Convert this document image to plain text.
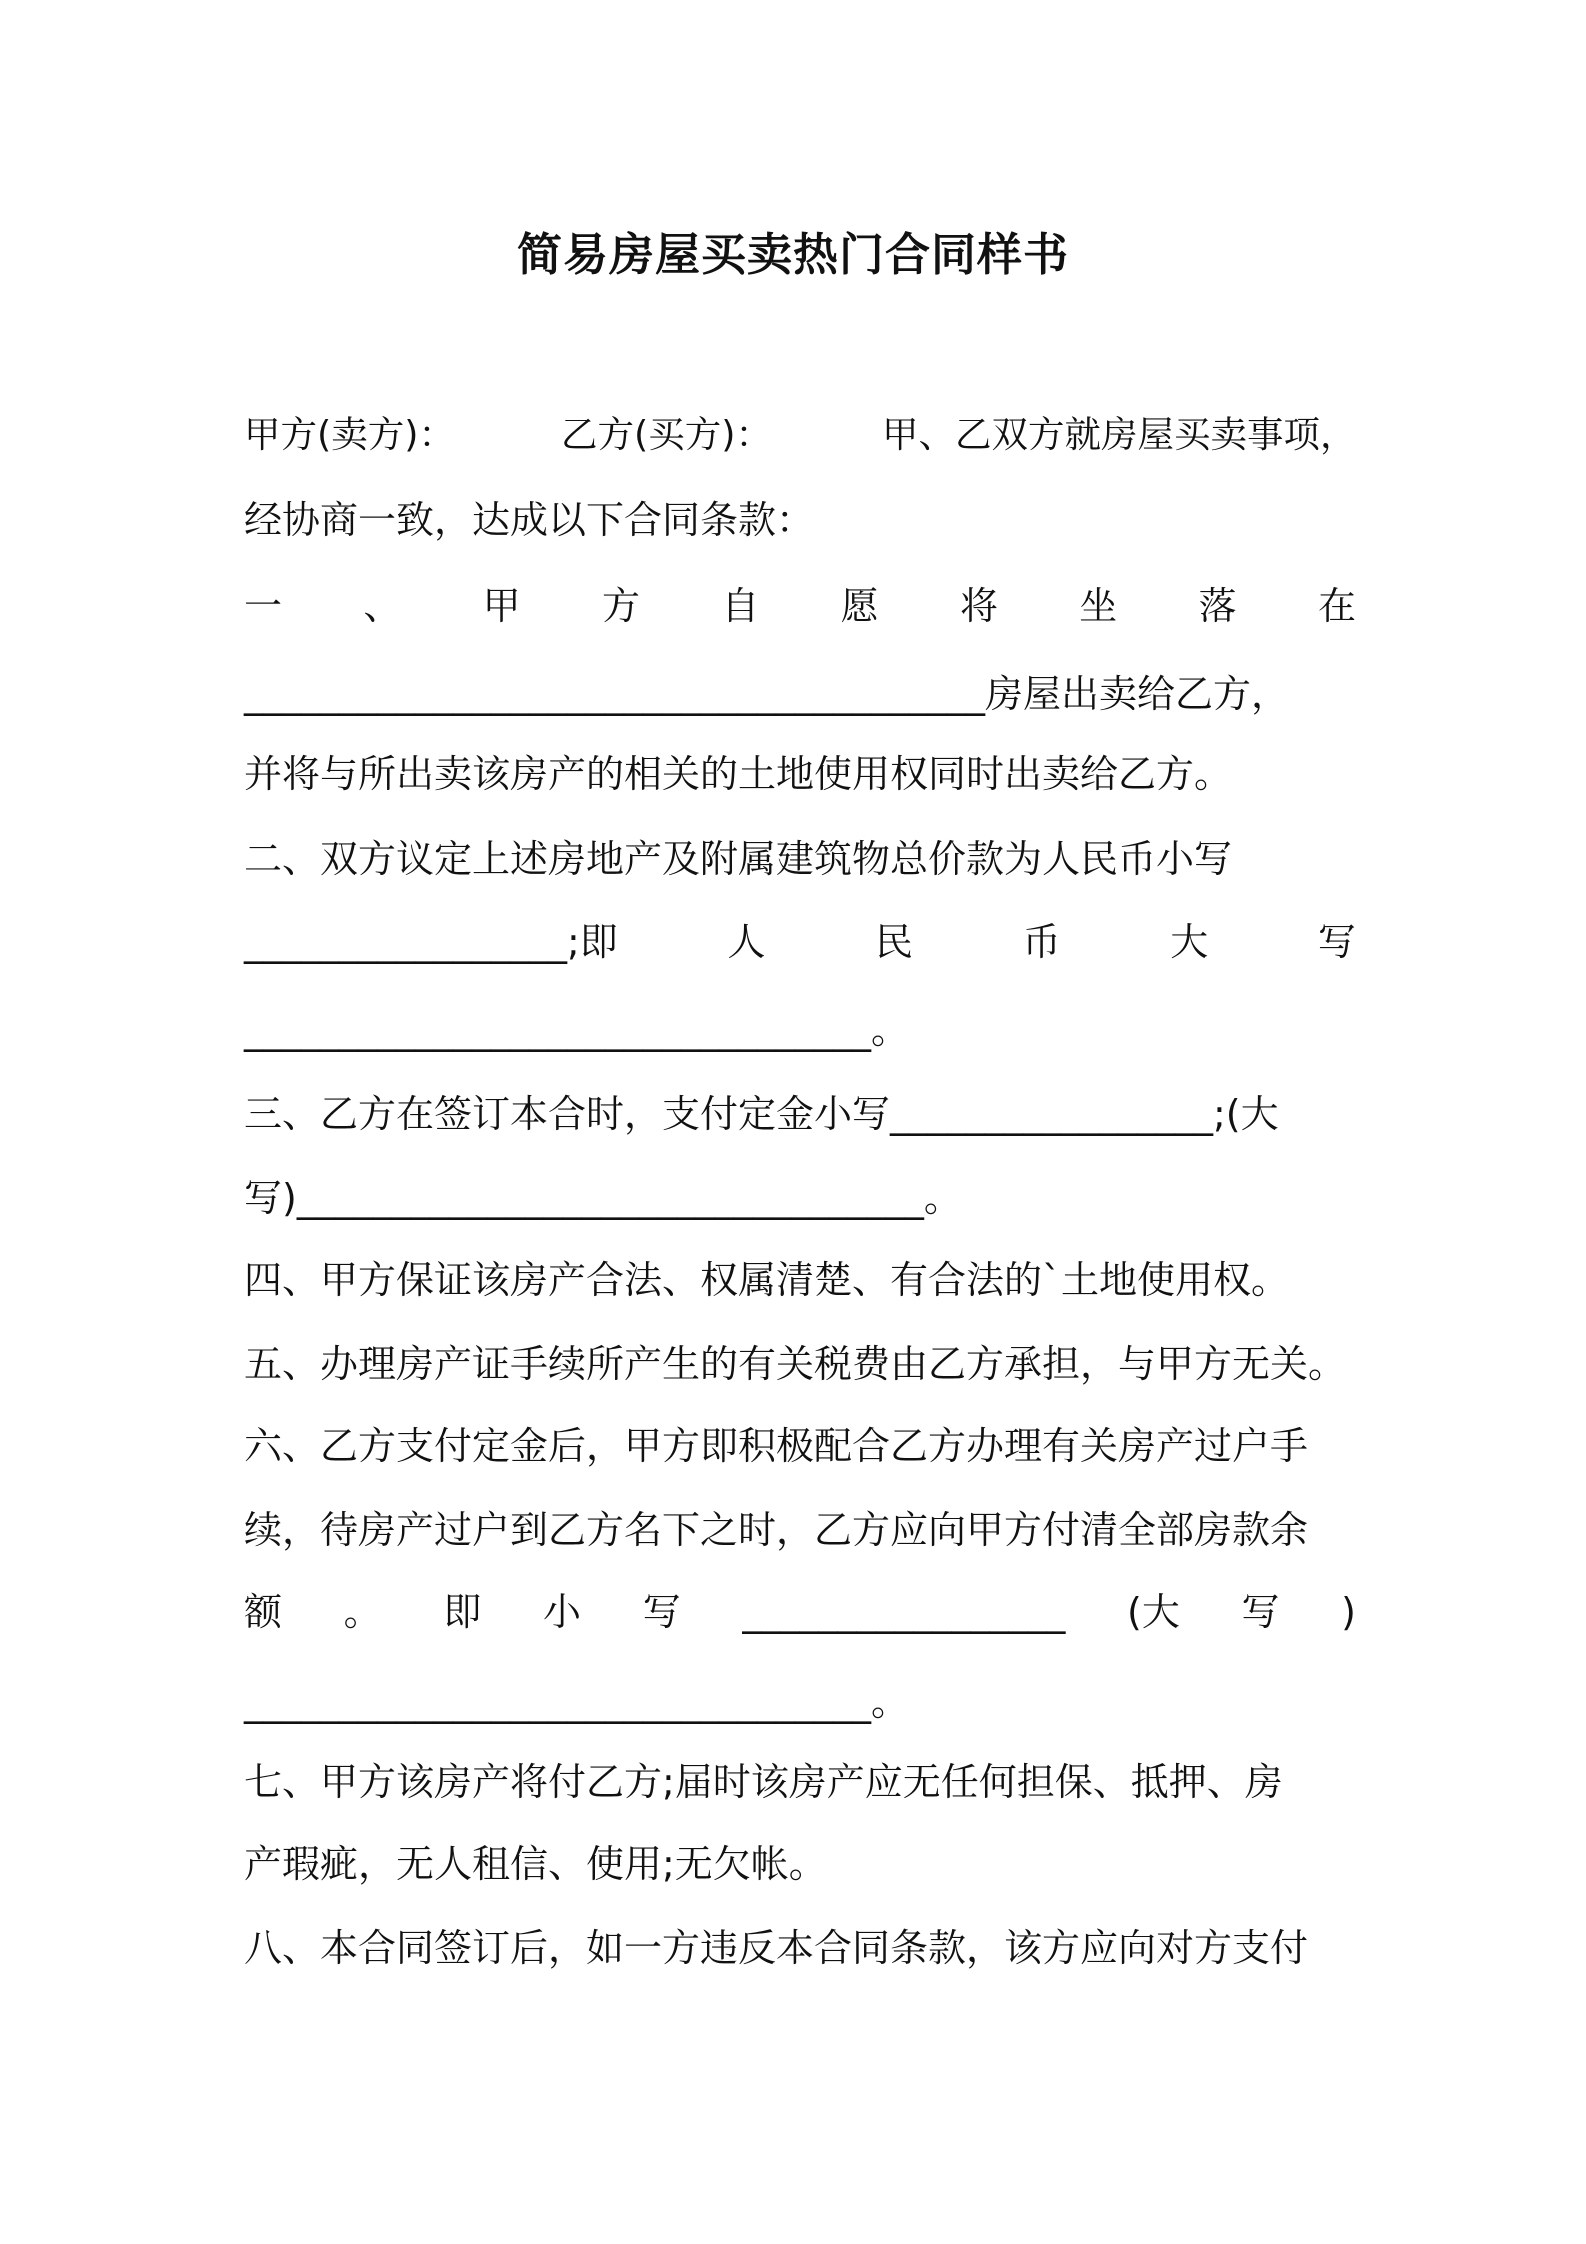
简易房屋买卖热门合同样书
甲方(卖方)：	乙方(买方)：	甲、乙双方就房屋买卖事项，
经协商一致，达成以下合同条款：
一 、 甲 方 自 愿 将 坐 落 在
_______________________________________房屋出卖给乙方，
并将与所出卖该房产的相关的土地使用权同时出卖给乙方。
二、双方议定上述房地产及附属建筑物总价款为人民币小写
_________________;即	人	民	币	大	写
_________________________________。
三、乙方在签订本合时，支付定金小写_________________;(大
写)_________________________________。
四、甲方保证该房产合法、权属清楚、有合法的`土地使用权。
五、办理房产证手续所产生的有关税费由乙方承担，与甲方无关。
六、乙方支付定金后，甲方即积极配合乙方办理有关房产过户手
续，待房产过户到乙方名下之时，乙方应向甲方付清全部房款余
额 。 即 小 写 _________________ (大 写 )
_________________________________。
七、甲方该房产将付乙方;届时该房产应无任何担保、抵押、房
产瑕疵，无人租信、使用;无欠帐。
八、本合同签订后，如一方违反本合同条款，该方应向对方支付
